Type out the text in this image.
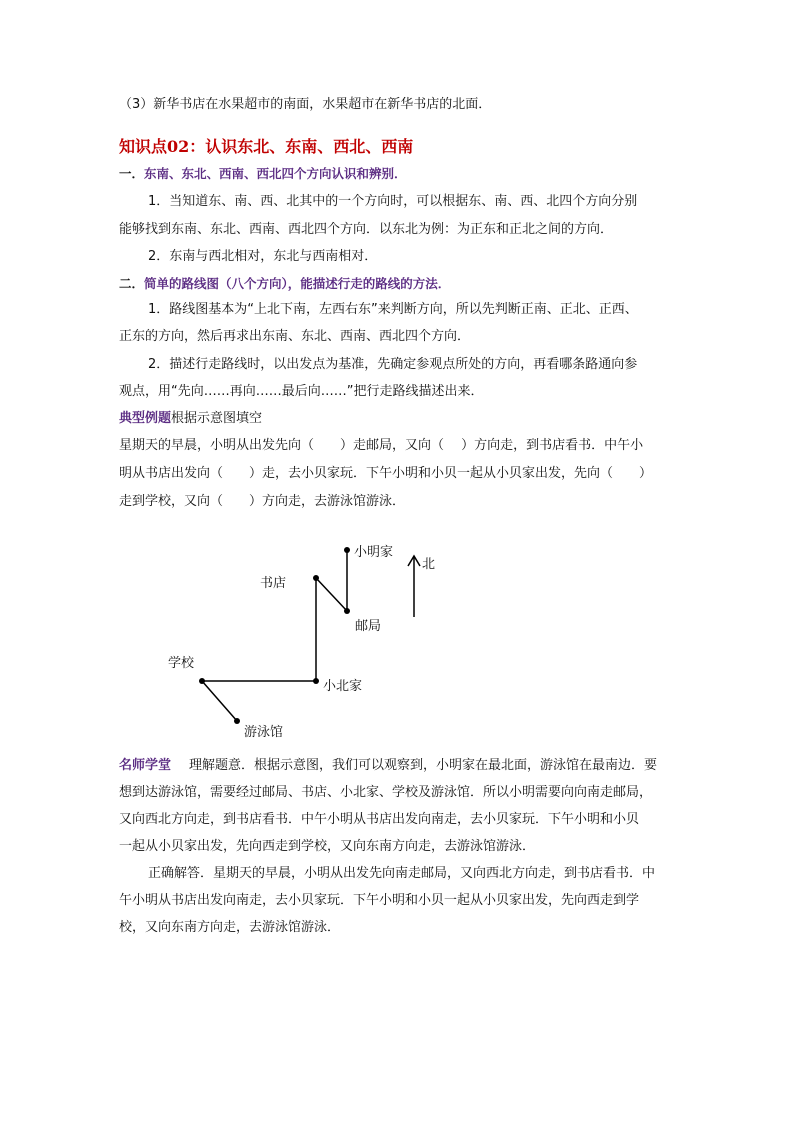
（3）新华书店在水果超市的南面，水果超市在新华书店的北面．
知识点02：认识东北、东南、西北、西南
一．东南、东北、西南、西北四个方向认识和辨别．
1．当知道东、南、西、北其中的一个方向时，可以根据东、南、西、北四个方向分别
能够找到东南、东北、西南、西北四个方向．以东北为例：为正东和正北之间的方向．
2．东南与西北相对，东北与西南相对．
二．简单的路线图（八个方向），能描述行走的路线的方法．
1．路线图基本为“上北下南，左西右东”来判断方向，所以先判断正南、正北、正西、
正东的方向，然后再求出东南、东北、西南、西北四个方向．
2．描述行走路线时，以出发点为基准，先确定参观点所处的方向，再看哪条路通向参
观点，用“先向……再向……最后向……”把行走路线描述出来．
典型例题根据示意图填空
星期天的早晨，小明从出发先向（　　）走邮局，又向（　 ）方向走，到书店看书．中午小
明从书店出发向（　　）走，去小贝家玩．下午小明和小贝一起从小贝家出发，先向（　　）
走到学校，又向（　　）方向走，去游泳馆游泳．
小明家
北
书店
邮局
学校
小北家
游泳馆
名师学堂 理解题意．根据示意图，我们可以观察到，小明家在最北面，游泳馆在最南边．要
想到达游泳馆，需要经过邮局、书店、小北家、学校及游泳馆．所以小明需要向向南走邮局，
又向西北方向走，到书店看书．中午小明从书店出发向南走，去小贝家玩．下午小明和小贝
一起从小贝家出发，先向西走到学校，又向东南方向走，去游泳馆游泳．
正确解答．星期天的早晨，小明从出发先向南走邮局，又向西北方向走，到书店看书．中
午小明从书店出发向南走，去小贝家玩．下午小明和小贝一起从小贝家出发，先向西走到学
校，又向东南方向走，去游泳馆游泳．
